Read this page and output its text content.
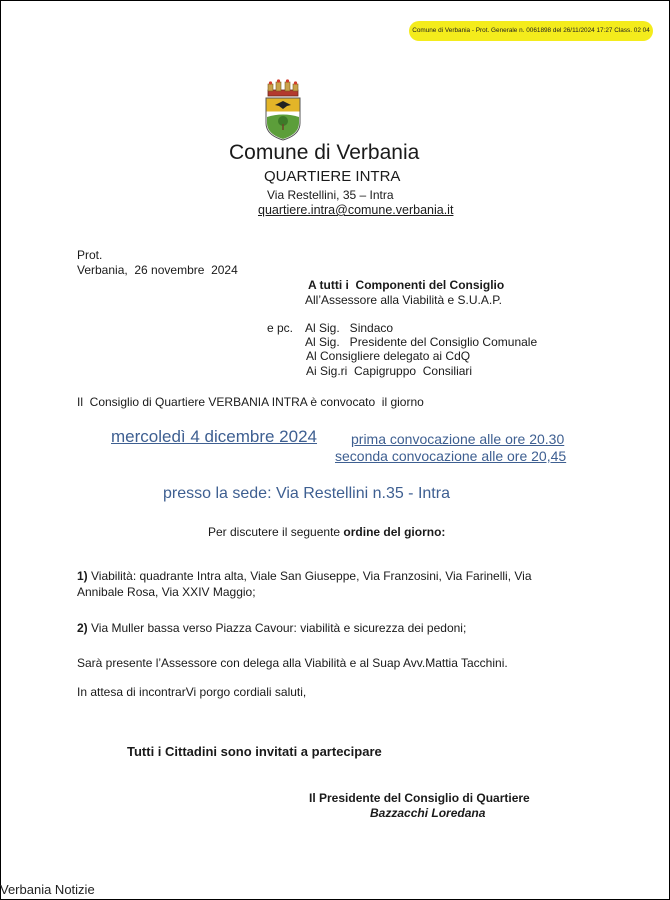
Comune di Verbania - Prot. Generale n. 0061898 del 26/11/2024 17:27 Class. 02 04
Comune di Verbania
QUARTIERE INTRA
Via Restellini, 35 – Intra
quartiere.intra@comune.verbania.it
Prot.
Verbania,  26 novembre  2024
A tutti i  Componenti del Consiglio
All’Assessore alla Viabilità e S.U.A.P.
e pc. Al Sig.   Sindaco
Al Sig.   Presidente del Consiglio Comunale
Al Consigliere delegato ai CdQ
Ai Sig.ri  Capigruppo  Consiliari
Il  Consiglio di Quartiere VERBANIA INTRA è convocato  il giorno
mercoledì 4 dicembre 2024 prima convocazione alle ore 20.30
seconda convocazione alle ore 20,45
presso la sede: Via Restellini n.35 - Intra
Per discutere il seguente ordine del giorno:
1) Viabilità: quadrante Intra alta, Viale San Giuseppe, Via Franzosini, Via Farinelli, Via
Annibale Rosa, Via XXIV Maggio;
2) Via Muller bassa verso Piazza Cavour: viabilità e sicurezza dei pedoni;
Sarà presente l’Assessore con delega alla Viabilità e al Suap Avv.Mattia Tacchini.
In attesa di incontrarVi porgo cordiali saluti,
Tutti i Cittadini sono invitati a partecipare
Il Presidente del Consiglio di Quartiere
Bazzacchi Loredana
Verbania Notizie
